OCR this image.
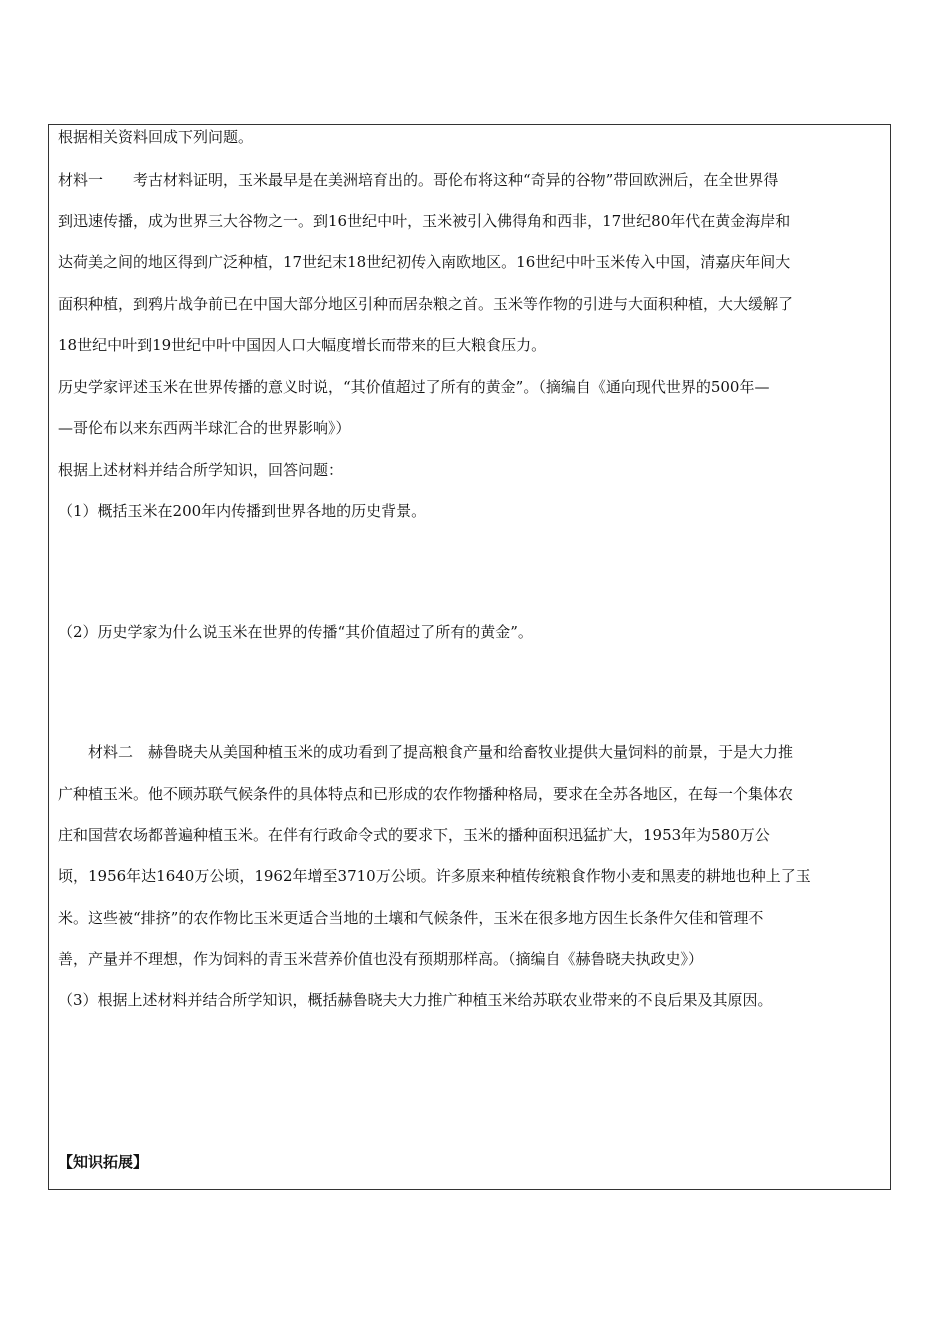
根据相关资料回成下列问题。
材料一　　考古材料证明，玉米最早是在美洲培育出的。哥伦布将这种“奇异的谷物”带回欧洲后，在全世界得
到迅速传播，成为世界三大谷物之一。到16世纪中叶，玉米被引入佛得角和西非，17世纪80年代在黄金海岸和
达荷美之间的地区得到广泛种植，17世纪末18世纪初传入南欧地区。16世纪中叶玉米传入中国，清嘉庆年间大
面积种植，到鸦片战争前已在中国大部分地区引种而居杂粮之首。玉米等作物的引进与大面积种植，大大缓解了
18世纪中叶到19世纪中叶中国因人口大幅度增长而带来的巨大粮食压力。
历史学家评述玉米在世界传播的意义时说，“其价值超过了所有的黄金”。（摘编自《通向现代世界的500年—
—哥伦布以来东西两半球汇合的世界影响》）
根据上述材料并结合所学知识，回答问题：
（1）概括玉米在200年内传播到世界各地的历史背景。
（2）历史学家为什么说玉米在世界的传播“其价值超过了所有的黄金”。
　　材料二　赫鲁晓夫从美国种植玉米的成功看到了提高粮食产量和给畜牧业提供大量饲料的前景，于是大力推
广种植玉米。他不顾苏联气候条件的具体特点和已形成的农作物播种格局，要求在全苏各地区，在每一个集体农
庄和国营农场都普遍种植玉米。在伴有行政命令式的要求下，玉米的播种面积迅猛扩大，1953年为580万公
顷，1956年达1640万公顷，1962年增至3710万公顷。许多原来种植传统粮食作物小麦和黑麦的耕地也种上了玉
米。这些被“排挤”的农作物比玉米更适合当地的土壤和气候条件，玉米在很多地方因生长条件欠佳和管理不
善，产量并不理想，作为饲料的青玉米营养价值也没有预期那样高。（摘编自《赫鲁晓夫执政史》）
（3）根据上述材料并结合所学知识，概括赫鲁晓夫大力推广种植玉米给苏联农业带来的不良后果及其原因。
【知识拓展】
